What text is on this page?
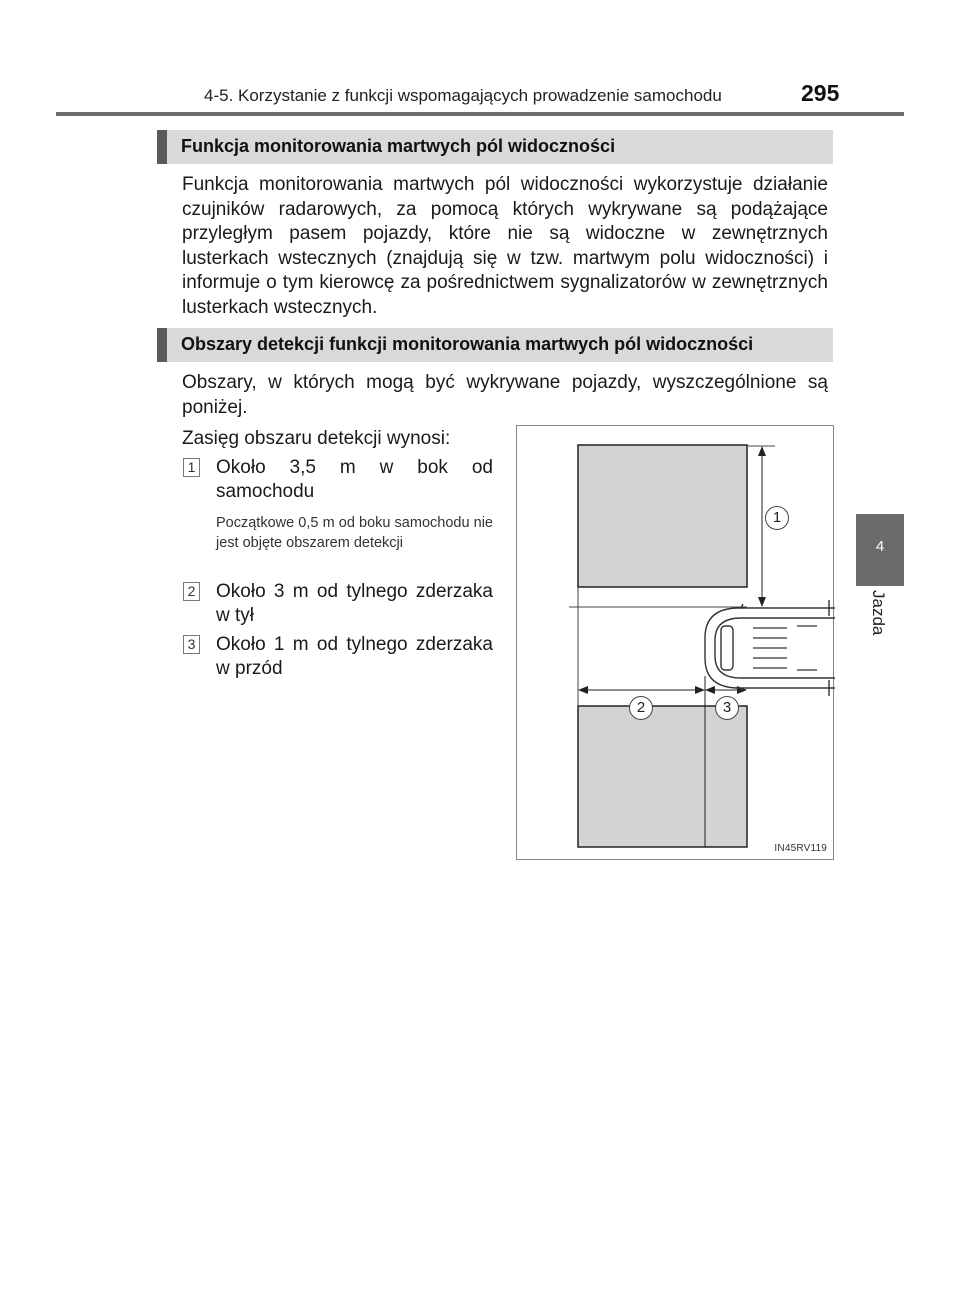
4-5. Korzystanie z funkcji wspomagających prowadzenie samochodu	295
4
Jazda
Funkcja monitorowania martwych pól widoczności

Funkcja monitorowania martwych pól widoczności wykorzystuje działanie czujników radarowych, za pomocą których wykrywane są podążające przyległym pasem pojazdy, które nie są widoczne w zewnętrznych lusterkach wstecznych (znajdują się w tzw. martwym polu widoczności) i informuje o tym kierowcę za pośrednictwem sygnalizatorów w zewnętrznych lusterkach wstecznych.

Obszary detekcji funkcji monitorowania martwych pól widoczności

Obszary, w których mogą być wykrywane pojazdy, wyszczególnione są poniżej.

Zasięg obszaru detekcji wynosi:
1 Około 3,5 m w bok od samochodu
Początkowe 0,5 m od boku samochodu nie jest objęte obszarem detekcji
2 Około 3 m od tylnego zderzaka w tył
3 Około 1 m od tylnego zderzaka w przód
1
2	3
IN45RV119
